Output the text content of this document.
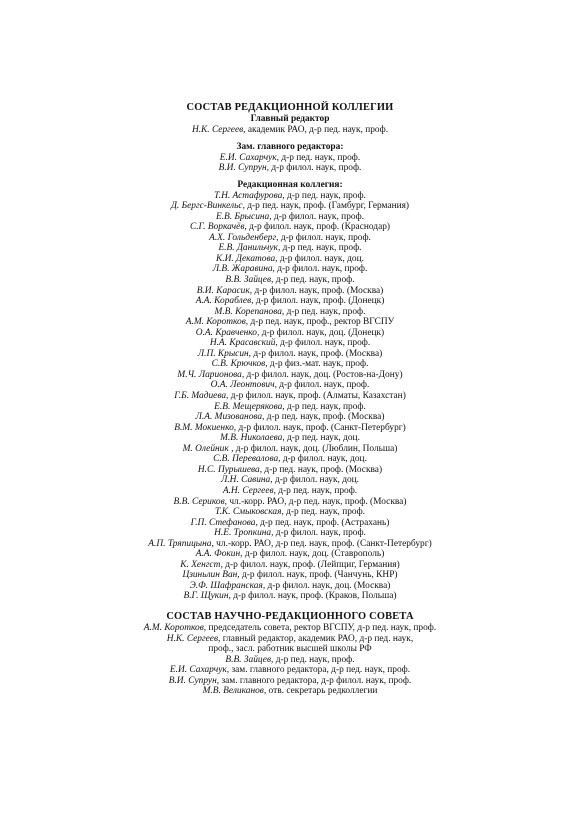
СОСТАВ РЕДАКЦИОННОЙ КОЛЛЕГИИ
Главный редактор
Н.К. Сергеев, академик РАО, д-р пед. наук, проф.
Зам. главного редактора:
Е.И. Сахарчук, д-р пед. наук, проф.
В.И. Супрун, д-р филол. наук, проф.
Редакционная коллегия:
Т.Н. Астафурова, д-р пед. наук, проф.
Д. Бергс-Винкельс, д-р пед. наук, проф. (Гамбург, Германия)
Е.В. Брысина, д-р филол. наук, проф.
С.Г. Воркачёв, д-р филол. наук, проф. (Краснодар)
А.Х. Гольденберг, д-р филол. наук, проф.
Е.В. Данильчук, д-р пед. наук, проф.
К.И. Декатова, д-р филол. наук, доц.
Л.В. Жаравина, д-р филол. наук, проф.
В.В. Зайцев, д-р пед. наук, проф.
В.И. Карасик, д-р филол. наук, проф. (Москва)
А.А. Кораблев, д-р филол. наук, проф. (Донецк)
М.В. Корепанова, д-р пед. наук, проф.
А.М. Коротков, д-р пед. наук, проф., ректор ВГСПУ
О.А. Кравченко, д-р филол. наук, доц. (Донецк)
Н.А. Красавский, д-р филол. наук, проф.
Л.П. Крысин, д-р филол. наук, проф. (Москва)
С.В. Крючков, д-р физ.-мат. наук, проф.
М.Ч. Ларионова, д-р филол. наук, доц. (Ростов-на-Дону)
О.А. Леонтович, д-р филол. наук, проф.
Г.Б. Мадиева, д-р филол. наук, проф. (Алматы, Казахстан)
Е.В. Мещерякова, д-р пед. наук, проф.
Л.А. Мизованова, д-р пед. наук, проф. (Москва)
В.М. Мокиенко, д-р филол. наук, проф. (Санкт-Петербург)
М.В. Николаева, д-р пед. наук, доц.
М. Олейник , д-р филол. наук, доц. (Люблин, Польша)
С.В. Перевалова, д-р филол. наук, доц.
Н.С. Пурышева, д-р пед. наук, проф. (Москва)
Л.Н. Савина, д-р филол. наук, доц.
А.Н. Сергеев, д-р пед. наук, проф.
В.В. Сериков, чл.-корр. РАО, д-р пед. наук, проф. (Москва)
Т.К. Смыковская, д-р пед. наук, проф.
Г.П. Стефанова, д-р пед. наук, проф. (Астрахань)
Н.Е. Тропкина, д-р филол. наук, проф.
А.П. Тряпицына, чл.-корр. РАО, д-р пед. наук, проф. (Санкт-Петербург)
А.А. Фокин, д-р филол. наук, доц. (Ставрополь)
К. Хенгст, д-р филол. наук, проф. (Лейпциг, Германия)
Цзиньлин Ван, д-р филол. наук, проф. (Чанчунь, КНР)
Э.Ф. Шафранская, д-р филол. наук, доц. (Москва)
В.Г. Щукин, д-р филол. наук, проф. (Краков, Польша)
СОСТАВ НАУЧНО-РЕДАКЦИОННОГО СОВЕТА
А.М. Коротков, председатель совета, ректор ВГСПУ, д-р пед. наук, проф.
Н.К. Сергеев, главный редактор, академик РАО, д-р пед. наук,
проф., засл. работник высшей школы РФ
В.В. Зайцев, д-р пед. наук, проф.
Е.И. Сахарчук, зам. главного редактора, д-р пед. наук, проф.
В.И. Супрун, зам. главного редактора, д-р филол. наук, проф.
М.В. Великанов, отв. секретарь редколлегии
